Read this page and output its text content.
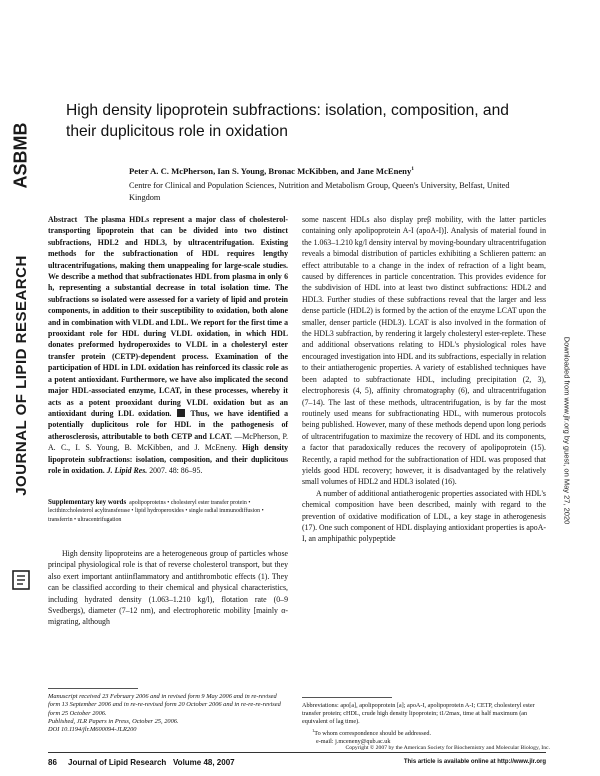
ASBMB
JOURNAL OF LIPID RESEARCH	Downloaded from www.jlr.org by guest, on May 27, 2020
High density lipoprotein subfractions: isolation, composition, and their duplicitous role in oxidation
Peter A. C. McPherson, Ian S. Young, Bronac McKibben, and Jane McEneny$^1$
Centre for Clinical and Population Sciences, Nutrition and Metabolism Group, Queen's University, Belfast, United Kingdom

Abstract The plasma HDLs represent a major class of cholesterol-transporting lipoprotein that can be divided into two distinct subfractions, HDL2 and HDL3, by ultracentrifugation. Existing methods for the subfractionation of HDL requires lengthy ultracentrifugations, making them unappealing for large-scale studies. We describe a method that subfractionates HDL from plasma in only 6 h, representing a substantial decrease in total isolation time. The subfractions so isolated were assessed for a variety of lipid and protein components, in addition to their susceptibility to oxidation, both alone and in combination with VLDL and LDL. We report for the first time a prooxidant role for HDL during VLDL oxidation, in which HDL donates preformed hydroperoxides to VLDL in a cholesteryl ester transfer protein (CETP)-dependent process. Examination of the participation of HDL in LDL oxidation has reinforced its classic role as a potent antioxidant. Furthermore, we have also implicated the second major HDL-associated enzyme, LCAT, in these processes, whereby it acts as a potent prooxidant during VLDL oxidation but as an antioxidant during LDL oxidation. Thus, we have identified a potentially duplicitous role for HDL in the pathogenesis of atherosclerosis, attributable to both CETP and LCAT. —McPherson, P. A. C., I. S. Young, B. McKibben, and J. McEneny. High density lipoprotein subfractions: isolation, composition, and their duplicitous role in oxidation. J. Lipid Res. 2007. 48: 86–95.

Supplementary key words apolipoproteins • cholesteryl ester transfer protein • lecithin:cholesterol acyltransferase • lipid hydroperoxides • single radial immunodiffusion • transferrin • ultracentrifugation

High density lipoproteins are a heterogeneous group of particles whose principal physiological role is that of reverse cholesterol transport, but they also exert important antiinflammatory and antithrombotic effects (1). They can be classified according to their chemical and physical characteristics, including hydrated density (1.063–1.210 kg/l), flotation rate (0–9 Svedbergs), diameter (7–12 nm), and electrophoretic mobility [mainly α-migrating, although

some nascent HDLs also display preβ mobility, with the latter particles containing only apolipoprotein A-I (apoA-I)]. Analysis of material found in the 1.063–1.210 kg/l density interval by moving-boundary ultracentrifugation reveals a bimodal distribution of particles exhibiting a Schlieren pattern: an effect attributable to a change in the index of refraction of a light beam, caused by differences in particle concentration. This provides evidence for the subdivision of HDL into at least two distinct subfractions: HDL2 and HDL3. Further studies of these subfractions reveal that the larger and less dense particle (HDL2) is formed by the action of the enzyme LCAT upon the smaller, denser particle (HDL3). LCAT is also involved in the formation of the HDL3 subfraction, by rendering it largely cholesteryl ester-replete. These and additional observations relating to HDL's physiological roles have encouraged investigation into HDL and its subfractions, especially in relation to their antiatherogenic properties. A variety of established techniques have been adapted to subfractionate HDL, including precipitation (2, 3), electrophoresis (4, 5), affinity chromatography (6), and ultracentrifugation (7–14). The last of these methods, ultracentrifugation, is by far the most routinely used means for subfractionating HDL, with numerous protocols being published. However, many of these methods depend upon long periods of ultracentrifugation to maximize the recovery of HDL and its components, a factor that paradoxically reduces the recovery of apolipoprotein (15). Recently, a rapid method for the subfractionation of HDL was proposed that yields good HDL recovery; however, it is disadvantaged by the relatively small volumes of HDL2 and HDL3 isolated (16).

A number of additional antiatherogenic properties associated with HDL's chemical composition have been described, mainly with regard to the prevention of oxidative modification of LDL, a key stage in atherogenesis (17). One such component of HDL displaying antioxidant properties is apoA-I, an amphipathic polypeptide

Manuscript received 23 February 2006 and in revised form 9 May 2006 and in re-revised form 13 September 2006 and in re-re-revised form 20 October 2006 and in re-re-re-revised form 25 October 2006.

Published, JLR Papers in Press, October 25, 2006.

DOI 10.1194/jlr.M600094-JLR200

Abbreviations: apo[a], apolipoprotein [a]; apoA-I, apolipoprotein A-I; CETP, cholesteryl ester transfer protein; cHDL, crude high density lipoprotein; t1/2max, time at half maximum (an equivalent of lag time).

$^1$To whom correspondence should be addressed.

e-mail: j.mceneny@qub.ac.uk

Copyright © 2007 by the American Society for Biochemistry and Molecular Biology, Inc.
86 Journal of Lipid Research   Volume 48, 2007	This article is available online at http://www.jlr.org
